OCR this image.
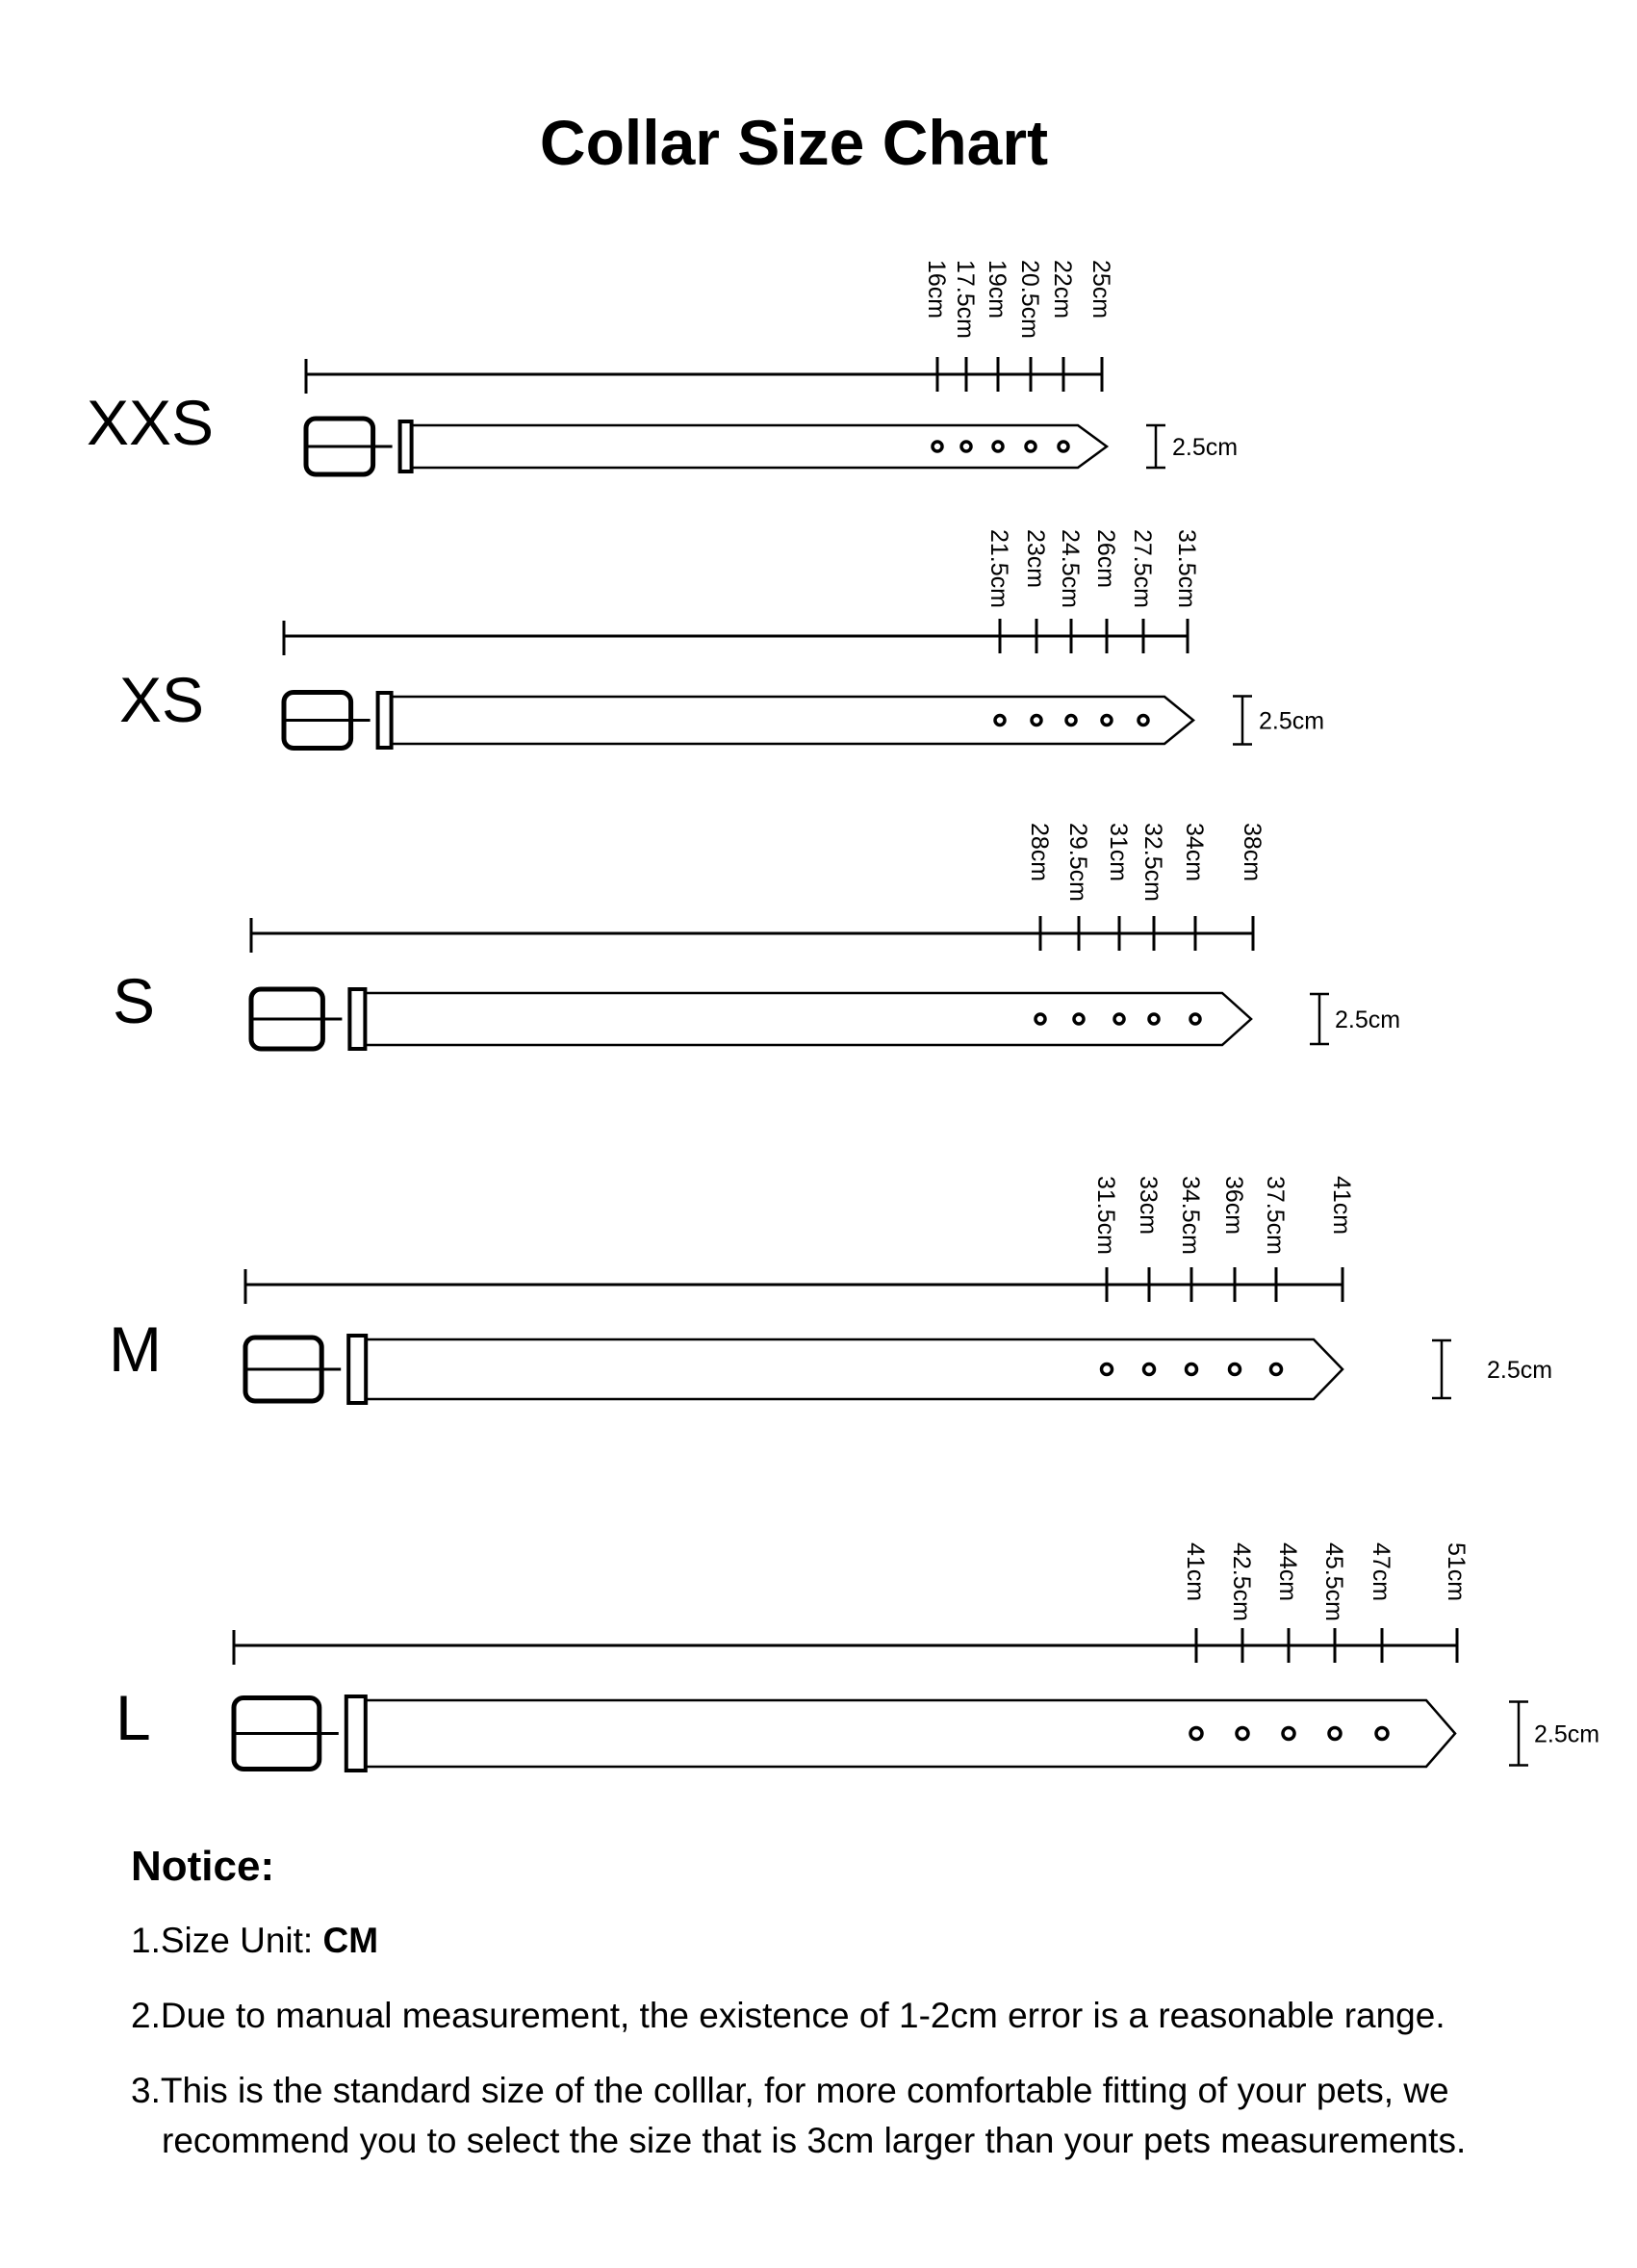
Collar Size Chart
XXS
16cm 17.5cm 19cm 20.5cm 22cm 25cm
2.5cm
XS
21.5cm 23cm 24.5cm 26cm 27.5cm 31.5cm
2.5cm
S
28cm 29.5cm 31cm 32.5cm 34cm 38cm
2.5cm
M
31.5cm 33cm 34.5cm 36cm 37.5cm 41cm
2.5cm
L
41cm 42.5cm 44cm 45.5cm 47cm 51cm
2.5cm

Notice:

1.Size Unit: CM

2.Due to manual measurement, the existence of 1-2cm error is a reasonable range.

3.This is the standard size of the colllar, for more comfortable fitting of your pets, we
recommend you to select the size that is 3cm larger than your pets measurements.
